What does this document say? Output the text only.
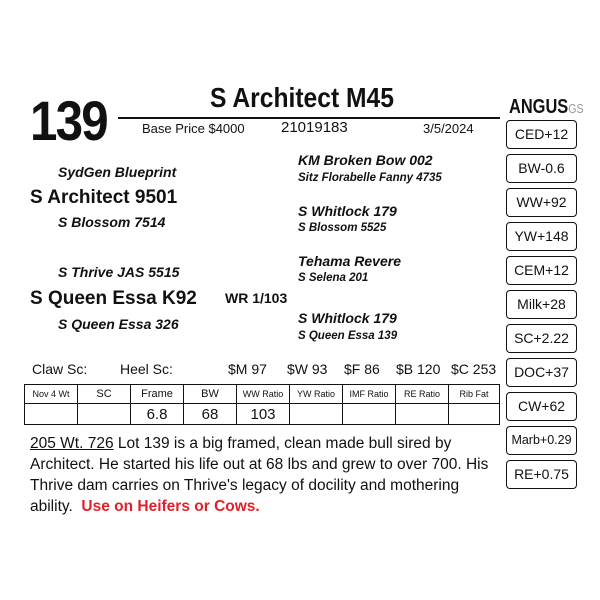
139	S Architect M45
Base Price $4000 21019183	3/5/2024
SydGen Blueprint
S Architect 9501
S Blossom 7514
KM Broken Bow 002
Sitz Florabelle Fanny 4735
S Whitlock 179
S Blossom 5525
S Thrive JAS 5515
S Queen Essa K92
S Queen Essa 326
Tehama Revere
S Selena 201
S Whitlock 179
S Queen Essa 139
WR 1/103
Claw Sc: Heel Sc:	$M 97 $W 93 $F 86 $B 120 $C 253
Nov 4 Wt	SC	Frame	BW	WW Ratio	YW Ratio	IMF Ratio	RE Ratio	Rib Fat
		6.8	68	103				
205 Wt. 726 Lot 139 is a big framed, clean made bull sired by Architect. He started his life out at 68 lbs and grew to over 700. His Thrive dam carries on Thrive's legacy of docility and mothering ability. Use on Heifers or Cows.
ANGUSGS
CED+12
BW-0.6
WW+92
YW+148
CEM+12
Milk+28
SC+2.22
DOC+37
CW+62
Marb+0.29
RE+0.75
